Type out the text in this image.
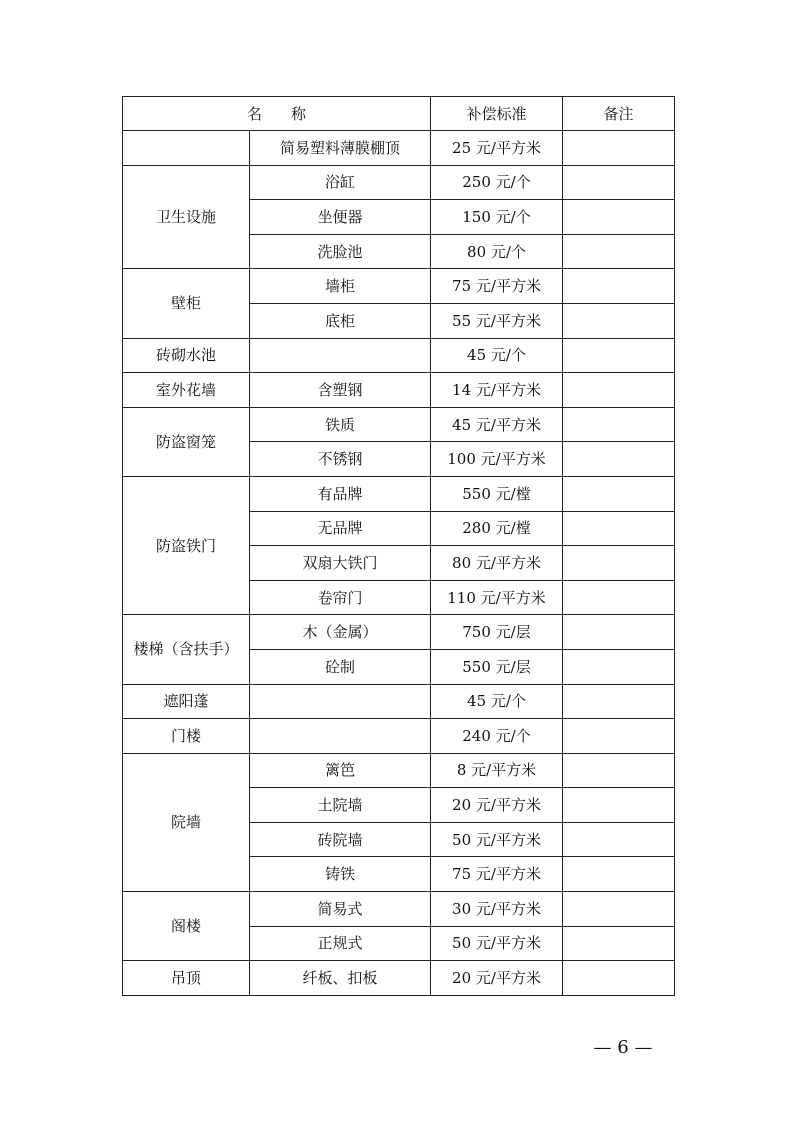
名 称		补偿标准	备注
	简易塑料薄膜棚顶	25 元/平方米	
卫生设施	浴缸	250 元/个	
	坐便器	150 元/个	
	洗脸池	80 元/个	
壁柜	墙柜	75 元/平方米	
	底柜	55 元/平方米	
砖砌水池		45 元/个	
室外花墙	含塑钢	14 元/平方米	
防盗窗笼	铁质	45 元/平方米	
	不锈钢	100 元/平方米	
防盗铁门	有品牌	550 元/樘	
	无品牌	280 元/樘	
	双扇大铁门	80 元/平方米	
	卷帘门	110 元/平方米	
楼梯（含扶手）	木（金属）	750 元/层	
	砼制	550 元/层	
遮阳蓬		45 元/个	
门楼		240 元/个	
院墙	篱笆	8 元/平方米	
	土院墙	20 元/平方米	
	砖院墙	50 元/平方米	
	铸铁	75 元/平方米	
阁楼	简易式	30 元/平方米	
	正规式	50 元/平方米	
吊顶	纤板、扣板	20 元/平方米	
— 6 —
